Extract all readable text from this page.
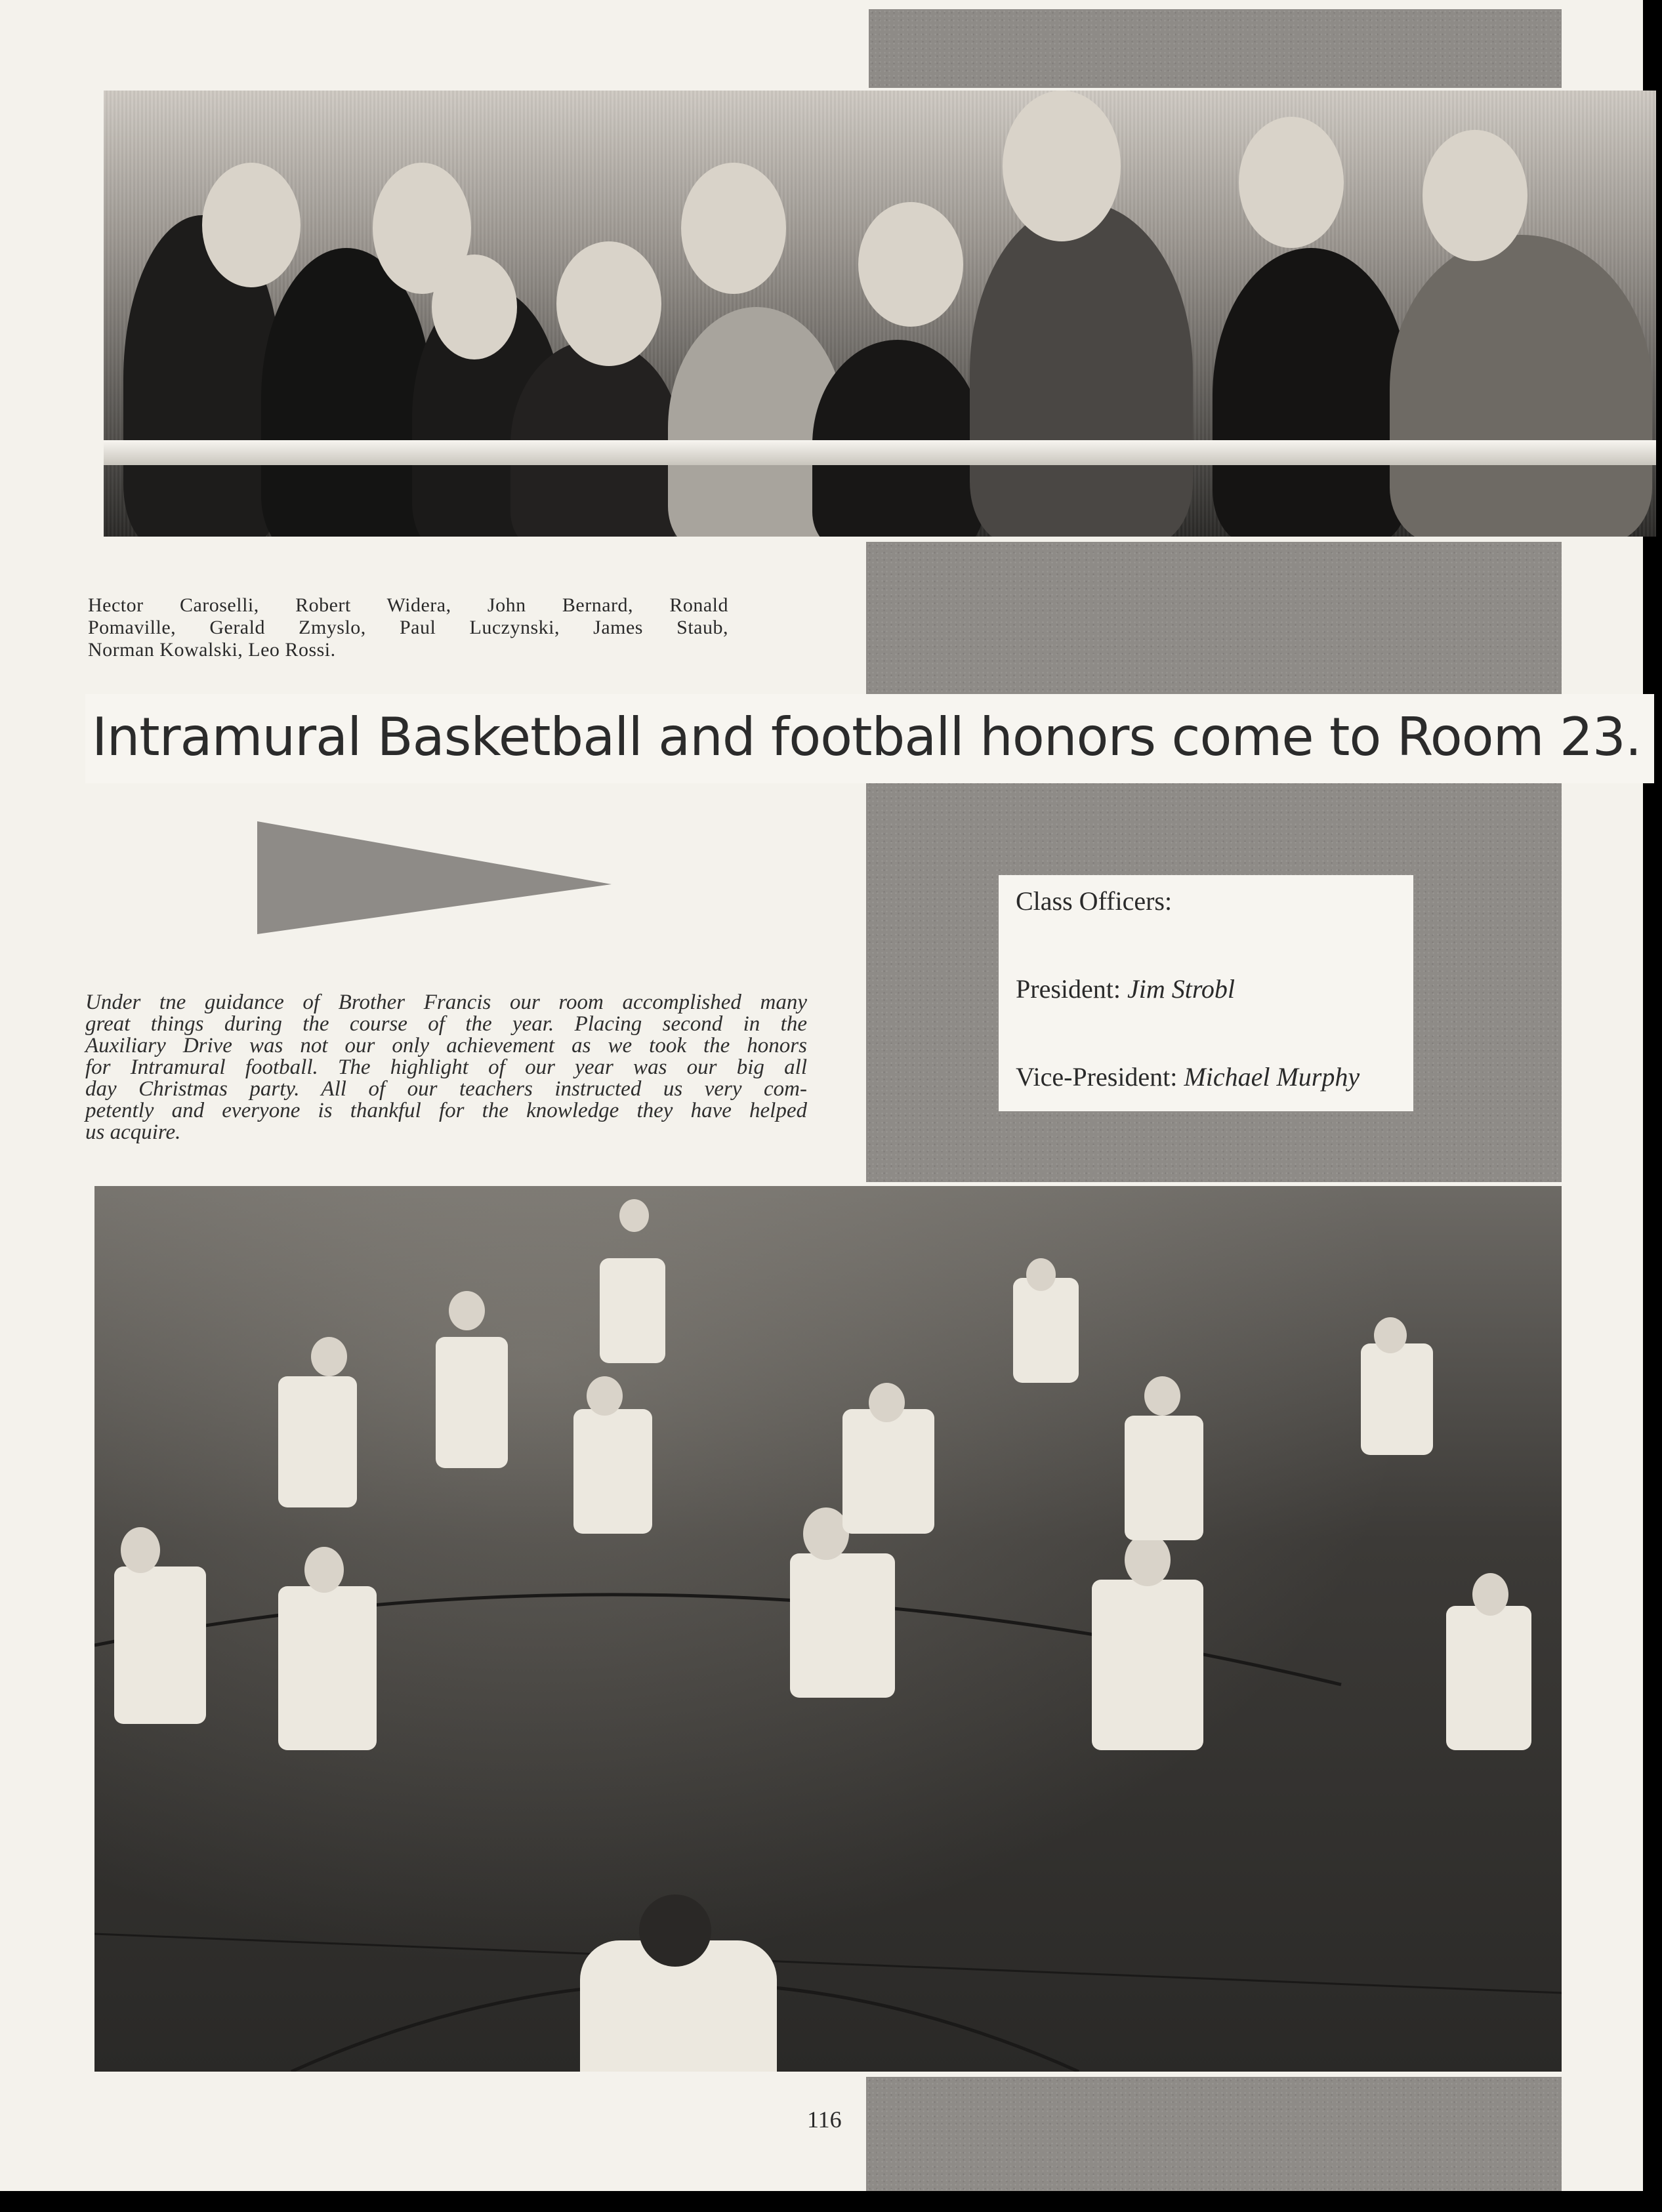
Hector Caroselli, Robert Widera, John Bernard, Ronald
Pomaville, Gerald Zmyslo, Paul Luczynski, James Staub,
Norman Kowalski, Leo Rossi.
Intramural Basketball and football honors come to Room 23.
Under tne guidance of Brother Francis our room accomplished many
great things during the course of the year. Placing second in the
Auxiliary Drive was not our only achievement as we took the honors
for Intramural football. The highlight of our year was our big all
day Christmas party. All of our teachers instructed us very com-
petently and everyone is thankful for the knowledge they have helped
us acquire.
Class Officers:
President: Jim Strobl
Vice-President: Michael Murphy
116
